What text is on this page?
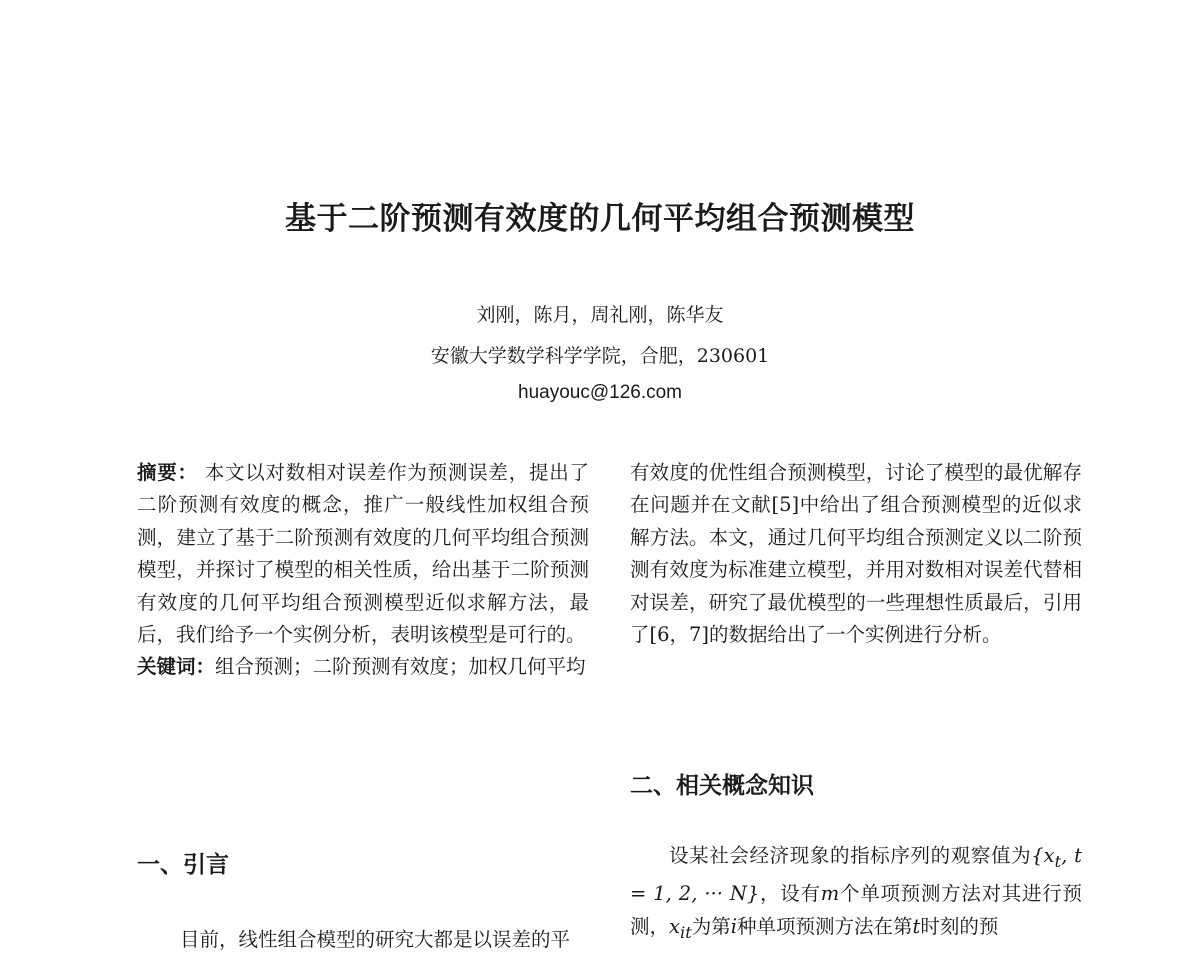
基于二阶预测有效度的几何平均组合预测模型
刘刚，陈月，周礼刚，陈华友
安徽大学数学科学学院，合肥，230601
huayouc@126.com

摘要： 本文以对数相对误差作为预测误差，提出了二阶预测有效度的概念，推广一般线性加权组合预测，建立了基于二阶预测有效度的几何平均组合预测模型，并探讨了模型的相关性质，给出基于二阶预测有效度的几何平均组合预测模型近似求解方法，最后，我们给予一个实例分析，表明该模型是可行的。

关键词：组合预测；二阶预测有效度；加权几何平均

一、引言
目前，线性组合模型的研究大都是以误差的平

有效度的优性组合预测模型，讨论了模型的最优解存在问题并在文献[5]中给出了组合预测模型的近似求解方法。本文，通过几何平均组合预测定义以二阶预测有效度为标准建立模型，并用对数相对误差代替相对误差，研究了最优模型的一些理想性质最后，引用了[6，7]的数据给出了一个实例进行分析。

二、相关概念知识

设某社会经济现象的指标序列的观察值为{$x_t$, t = 1, 2, ··· N}，设有m个单项预测方法对其进行预测，$x_{it}$为第i种单项预测方法在第t时刻的预
